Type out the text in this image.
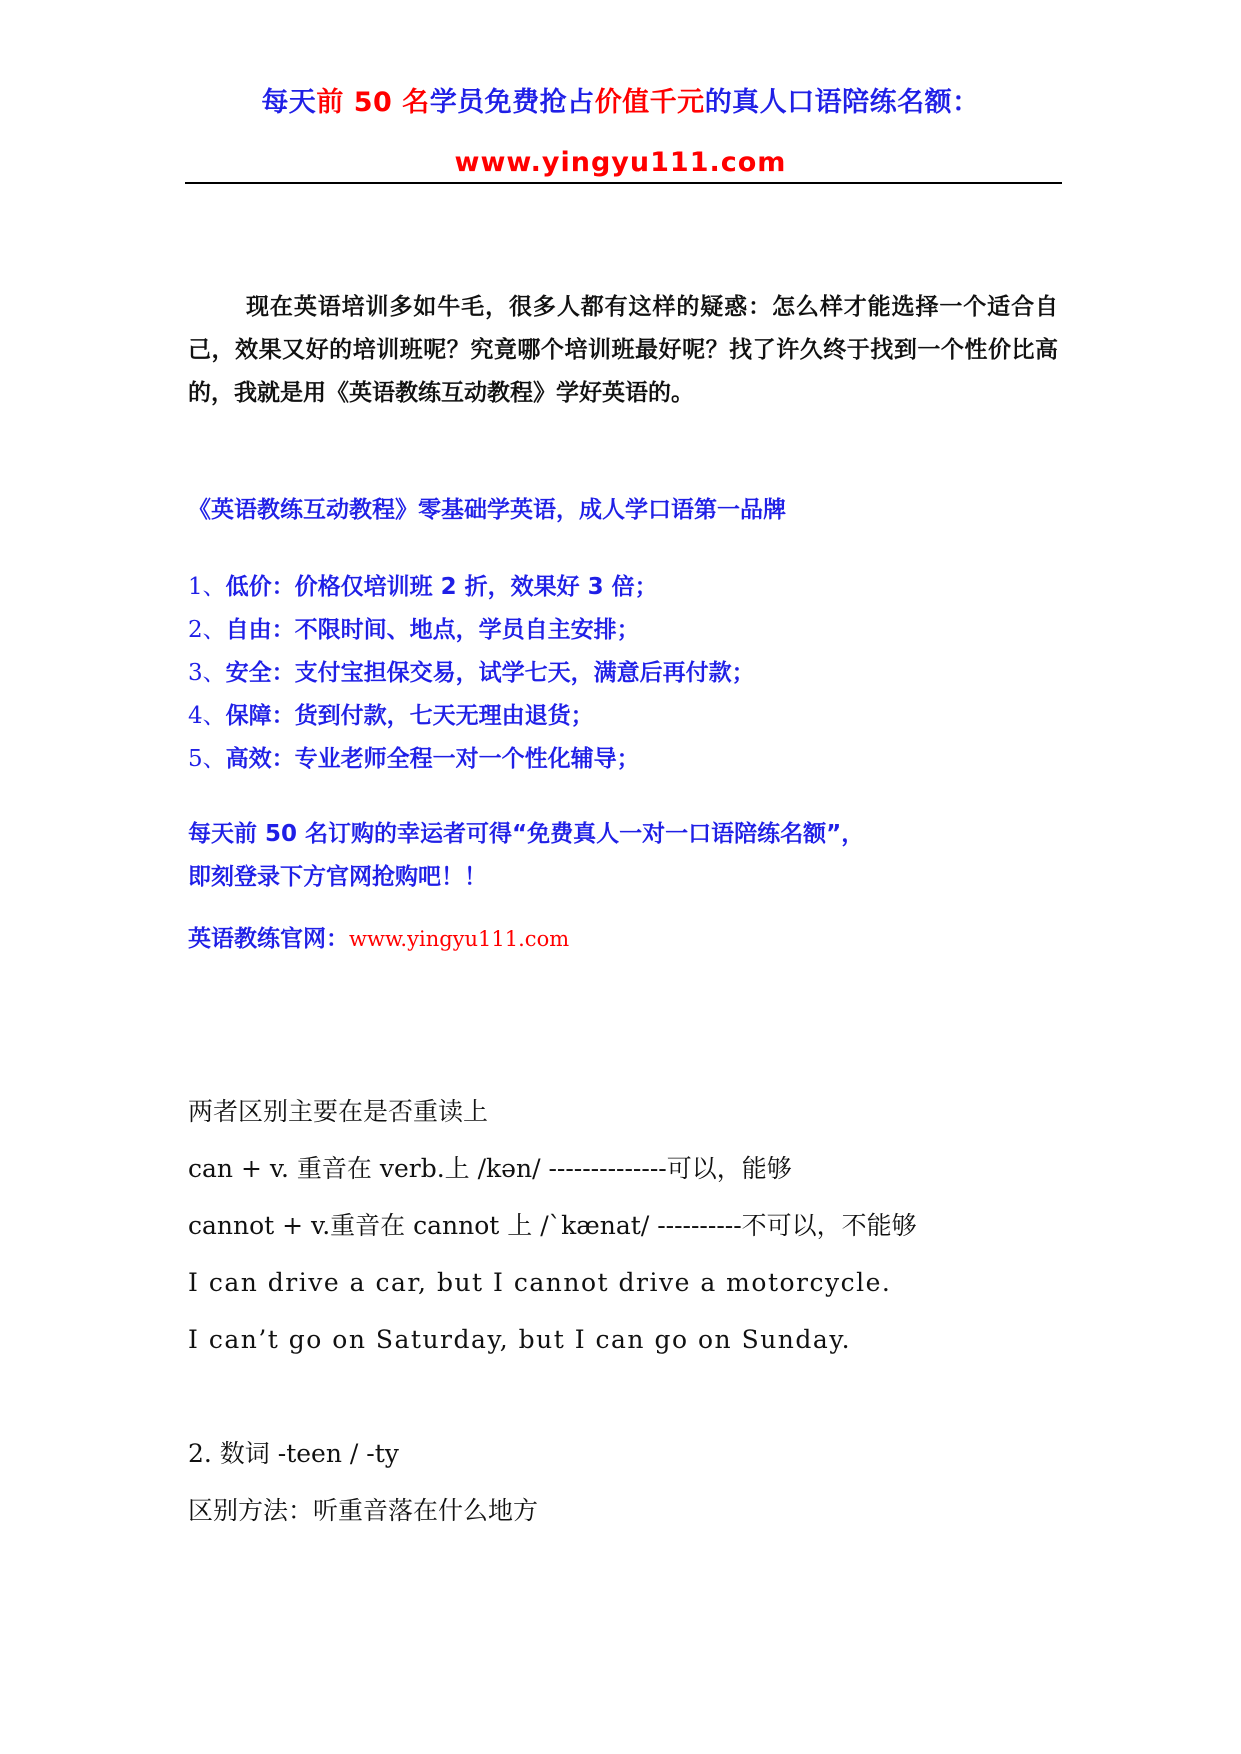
每天前 50 名学员免费抢占价值千元的真人口语陪练名额：
www.yingyu111.com
现在英语培训多如牛毛，很多人都有这样的疑惑：怎么样才能选择一个适合自己，效果又好的培训班呢？究竟哪个培训班最好呢？找了许久终于找到一个性价比高的，我就是用《英语教练互动教程》学好英语的。
《英语教练互动教程》零基础学英语，成人学口语第一品牌
1、低价：价格仅培训班 2 折，效果好 3 倍；
2、自由：不限时间、地点，学员自主安排；
3、安全：支付宝担保交易，试学七天，满意后再付款；
4、保障：货到付款，七天无理由退货；
5、高效：专业老师全程一对一个性化辅导；
每天前 50 名订购的幸运者可得“免费真人一对一口语陪练名额”，
即刻登录下方官网抢购吧！！
英语教练官网：www.yingyu111.com

两者区别主要在是否重读上

can + v. 重音在 verb.上 /kən/ --------------可以，能够

cannot + v.重音在 cannot 上 /ˋkænat/ ----------不可以，不能够

I can drive a car, but I cannot drive a motorcycle.

I can’t go on Saturday, but I can go on Sunday.

2. 数词 -teen / -ty

区别方法：听重音落在什么地方
